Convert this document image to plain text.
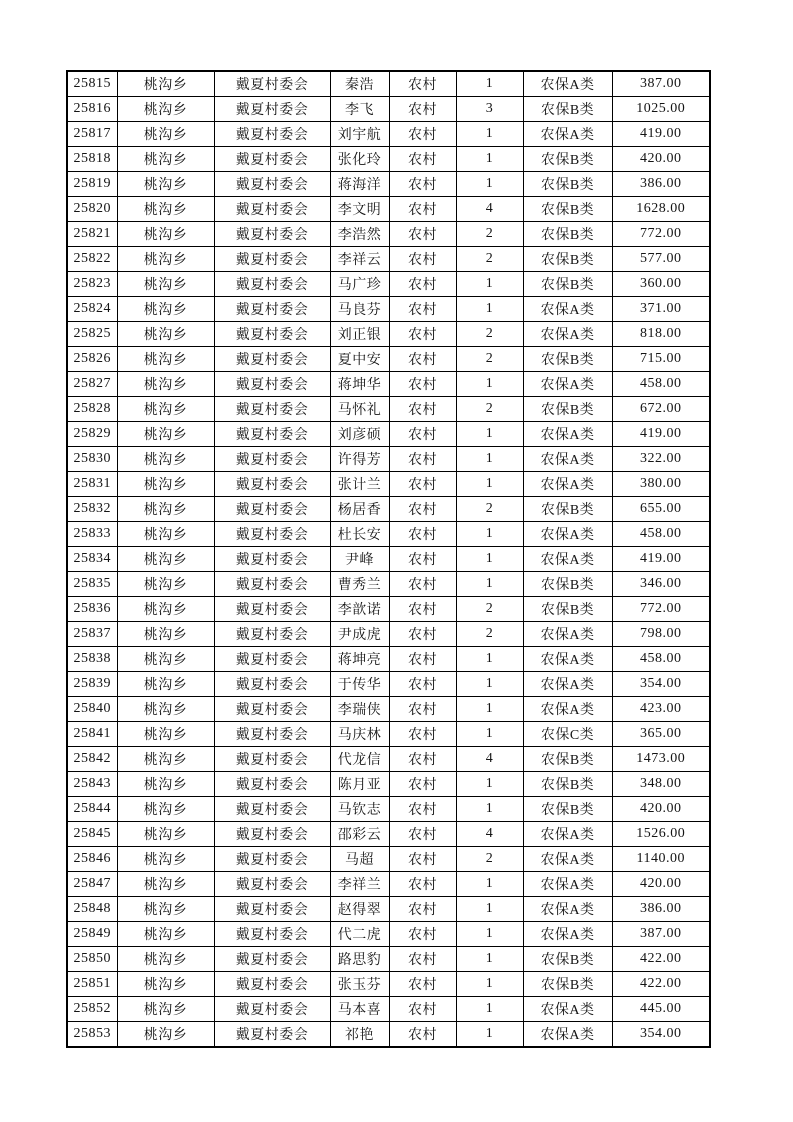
25815	桃沟乡	戴夏村委会	秦浩	农村	1	农保A类	387.00
25816	桃沟乡	戴夏村委会	李飞	农村	3	农保B类	1025.00
25817	桃沟乡	戴夏村委会	刘宇航	农村	1	农保A类	419.00
25818	桃沟乡	戴夏村委会	张化玲	农村	1	农保B类	420.00
25819	桃沟乡	戴夏村委会	蒋海洋	农村	1	农保B类	386.00
25820	桃沟乡	戴夏村委会	李文明	农村	4	农保B类	1628.00
25821	桃沟乡	戴夏村委会	李浩然	农村	2	农保B类	772.00
25822	桃沟乡	戴夏村委会	李祥云	农村	2	农保B类	577.00
25823	桃沟乡	戴夏村委会	马广珍	农村	1	农保B类	360.00
25824	桃沟乡	戴夏村委会	马良芬	农村	1	农保A类	371.00
25825	桃沟乡	戴夏村委会	刘正银	农村	2	农保A类	818.00
25826	桃沟乡	戴夏村委会	夏中安	农村	2	农保B类	715.00
25827	桃沟乡	戴夏村委会	蒋坤华	农村	1	农保A类	458.00
25828	桃沟乡	戴夏村委会	马怀礼	农村	2	农保B类	672.00
25829	桃沟乡	戴夏村委会	刘彦硕	农村	1	农保A类	419.00
25830	桃沟乡	戴夏村委会	许得芳	农村	1	农保A类	322.00
25831	桃沟乡	戴夏村委会	张计兰	农村	1	农保A类	380.00
25832	桃沟乡	戴夏村委会	杨居香	农村	2	农保B类	655.00
25833	桃沟乡	戴夏村委会	杜长安	农村	1	农保A类	458.00
25834	桃沟乡	戴夏村委会	尹峰	农村	1	农保A类	419.00
25835	桃沟乡	戴夏村委会	曹秀兰	农村	1	农保B类	346.00
25836	桃沟乡	戴夏村委会	李歆诺	农村	2	农保B类	772.00
25837	桃沟乡	戴夏村委会	尹成虎	农村	2	农保A类	798.00
25838	桃沟乡	戴夏村委会	蒋坤亮	农村	1	农保A类	458.00
25839	桃沟乡	戴夏村委会	于传华	农村	1	农保A类	354.00
25840	桃沟乡	戴夏村委会	李瑞侠	农村	1	农保A类	423.00
25841	桃沟乡	戴夏村委会	马庆林	农村	1	农保C类	365.00
25842	桃沟乡	戴夏村委会	代龙信	农村	4	农保B类	1473.00
25843	桃沟乡	戴夏村委会	陈月亚	农村	1	农保B类	348.00
25844	桃沟乡	戴夏村委会	马钦志	农村	1	农保B类	420.00
25845	桃沟乡	戴夏村委会	邵彩云	农村	4	农保A类	1526.00
25846	桃沟乡	戴夏村委会	马超	农村	2	农保A类	1140.00
25847	桃沟乡	戴夏村委会	李祥兰	农村	1	农保A类	420.00
25848	桃沟乡	戴夏村委会	赵得翠	农村	1	农保A类	386.00
25849	桃沟乡	戴夏村委会	代二虎	农村	1	农保A类	387.00
25850	桃沟乡	戴夏村委会	路思豹	农村	1	农保B类	422.00
25851	桃沟乡	戴夏村委会	张玉芬	农村	1	农保B类	422.00
25852	桃沟乡	戴夏村委会	马本喜	农村	1	农保A类	445.00
25853	桃沟乡	戴夏村委会	祁艳	农村	1	农保A类	354.00
